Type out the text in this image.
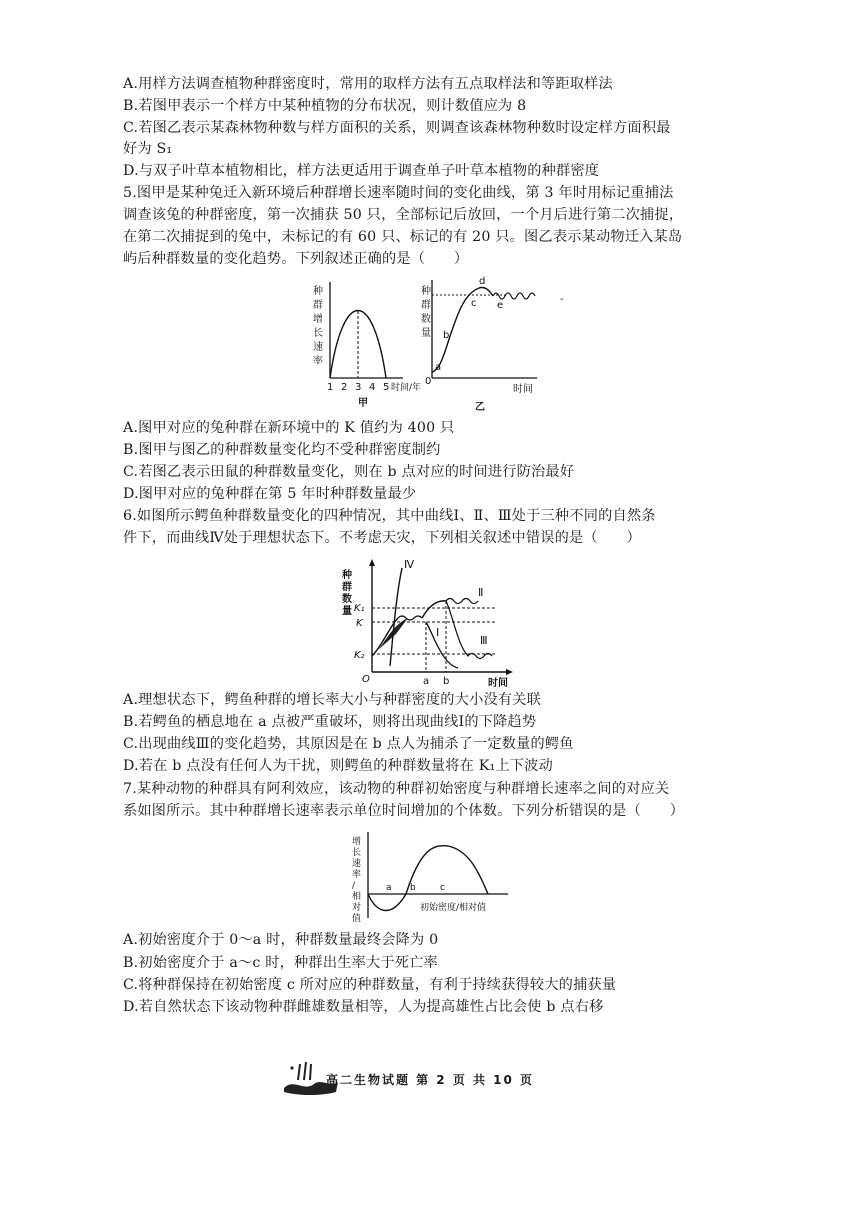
A.用样方法调查植物种群密度时，常用的取样方法有五点取样法和等距取样法
B.若图甲表示一个样方中某种植物的分布状况，则计数值应为 8
C.若图乙表示某森林物种数与样方面积的关系，则调查该森林物种数时设定样方面积最
好为 S₁
D.与双子叶草本植物相比，样方法更适用于调查单子叶草本植物的种群密度
5.图甲是某种兔迁入新环境后种群增长速率随时间的变化曲线，第 3 年时用标记重捕法
调查该兔的种群密度，第一次捕获 50 只，全部标记后放回，一个月后进行第二次捕捉，
在第二次捕捉到的兔中，未标记的有 60 只、标记的有 20 只。图乙表示某动物迁入某岛
屿后种群数量的变化趋势。下列叙述正确的是（　　）
种
群
增
长
速
率
1 2 3 4 5 时间/年
甲
种
群
数
量
a
b
c
d
e
0
时间
乙
-
A.图甲对应的兔种群在新环境中的 K 值约为 400 只
B.图甲与图乙的种群数量变化均不受种群密度制约
C.若图乙表示田鼠的种群数量变化，则在 b 点对应的时间进行防治最好
D.图甲对应的兔种群在第 5 年时种群数量最少
6.如图所示鳄鱼种群数量变化的四种情况，其中曲线Ⅰ、Ⅱ、Ⅲ处于三种不同的自然条
件下，而曲线Ⅳ处于理想状态下。不考虑天灾，下列相关叙述中错误的是（　　）
种
群
数
量 K₁
K
K₂
Ⅳ
Ⅱ
Ⅰ
Ⅲ
O	a b	时间
A.理想状态下，鳄鱼种群的增长率大小与种群密度的大小没有关联
B.若鳄鱼的栖息地在 a 点被严重破坏，则将出现曲线Ⅰ的下降趋势
C.出现曲线Ⅲ的变化趋势，其原因是在 b 点人为捕杀了一定数量的鳄鱼
D.若在 b 点没有任何人为干扰，则鳄鱼的种群数量将在 K₁上下波动
7.某种动物的种群具有阿利效应，该动物的种群初始密度与种群增长速率之间的对应关
系如图所示。其中种群增长速率表示单位时间增加的个体数。下列分析错误的是（　　）
增
长
速
率
/
相
对
值
a b	c
初始密度/相对值
A.初始密度介于 0～a 时，种群数量最终会降为 0
B.初始密度介于 a～c 时，种群出生率大于死亡率
C.将种群保持在初始密度 c 所对应的种群数量，有利于持续获得较大的捕获量
D.若自然状态下该动物种群雌雄数量相等，人为提高雄性占比会使 b 点右移
高二生物试题 第 2 页 共 10 页
